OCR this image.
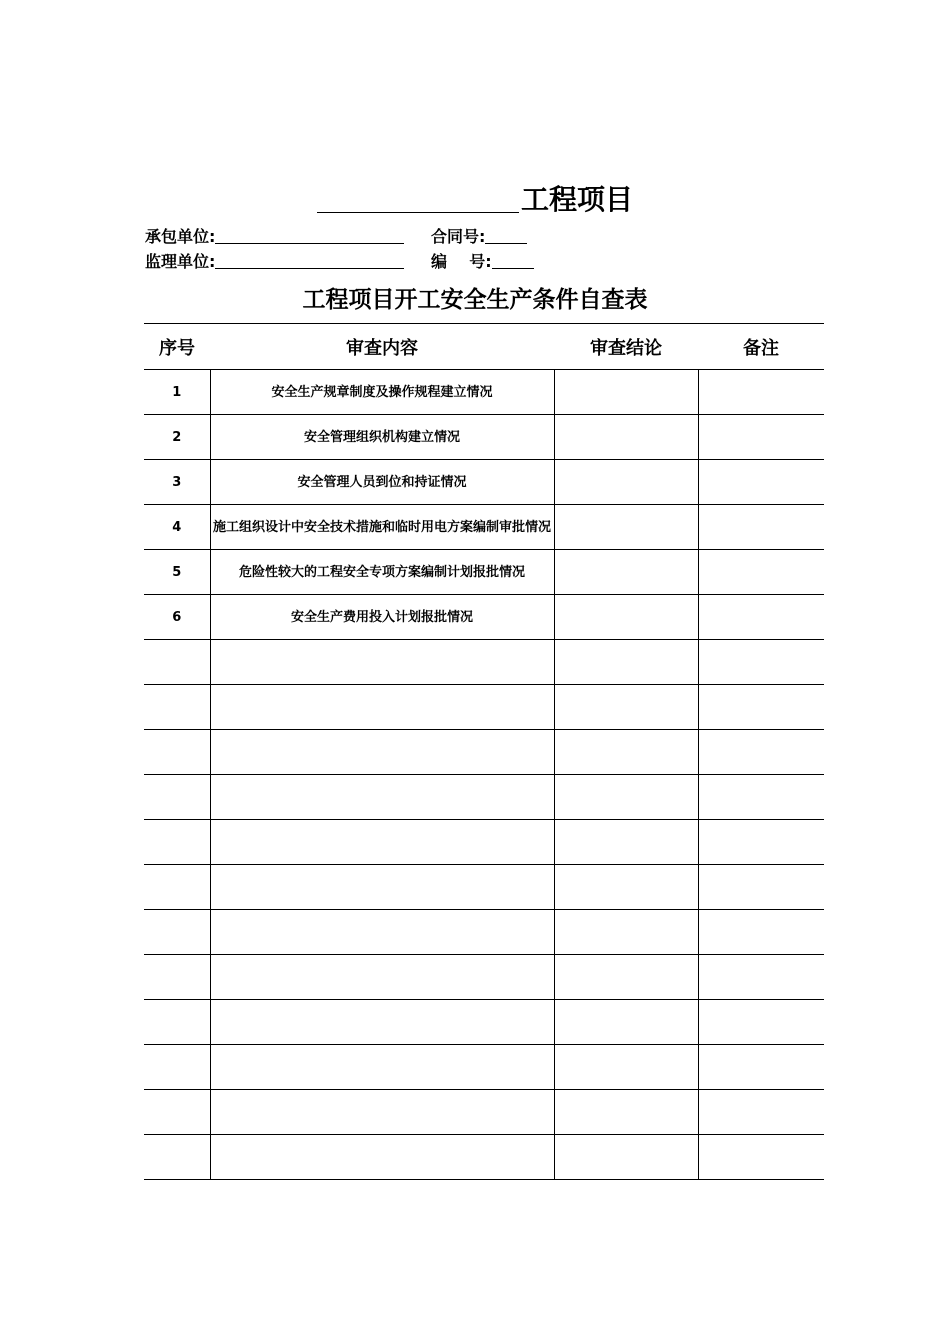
工程项目
承包单位:	合同号:
监理单位:	编    号:
工程项目开工安全生产条件自查表
序号	审查内容	审查结论	备注
1	安全生产规章制度及操作规程建立情况		
2	安全管理组织机构建立情况		
3	安全管理人员到位和持证情况		
4	施工组织设计中安全技术措施和临时用电方案编制审批情况		
5	危险性较大的工程安全专项方案编制计划报批情况		
6	安全生产费用投入计划报批情况		
